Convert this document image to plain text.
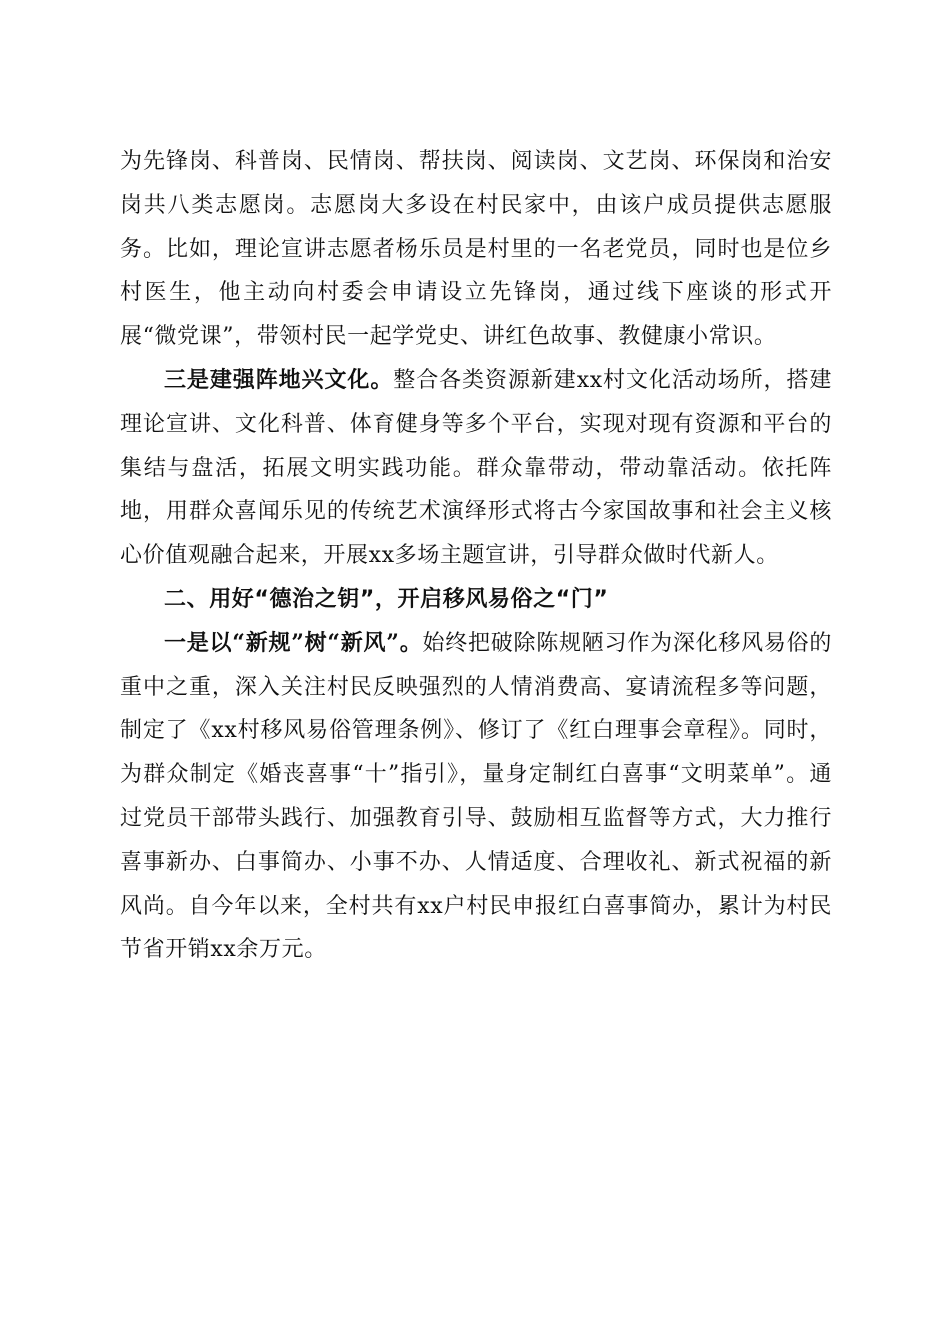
为先锋岗、科普岗、民情岗、帮扶岗、阅读岗、文艺岗、环保岗和治安岗共八类志愿岗。志愿岗大多设在村民家中，由该户成员提供志愿服务。比如，理论宣讲志愿者杨乐员是村里的一名老党员，同时也是位乡村医生，他主动向村委会申请设立先锋岗，通过线下座谈的形式开展“微党课”，带领村民一起学党史、讲红色故事、教健康小常识。

三是建强阵地兴文化。整合各类资源新建xx村文化活动场所，搭建理论宣讲、文化科普、体育健身等多个平台，实现对现有资源和平台的集结与盘活，拓展文明实践功能。群众靠带动，带动靠活动。依托阵地，用群众喜闻乐见的传统艺术演绎形式将古今家国故事和社会主义核心价值观融合起来，开展xx多场主题宣讲，引导群众做时代新人。

二、用好“德治之钥”，开启移风易俗之“门”

一是以“新规”树“新风”。始终把破除陈规陋习作为深化移风易俗的重中之重，深入关注村民反映强烈的人情消费高、宴请流程多等问题，制定了《xx村移风易俗管理条例》、修订了《红白理事会章程》。同时，为群众制定《婚丧喜事“十”指引》，量身定制红白喜事“文明菜单”。通过党员干部带头践行、加强教育引导、鼓励相互监督等方式，大力推行喜事新办、白事简办、小事不办、人情适度、合理收礼、新式祝福的新风尚。自今年以来，全村共有xx户村民申报红白喜事简办，累计为村民节省开销xx余万元。
